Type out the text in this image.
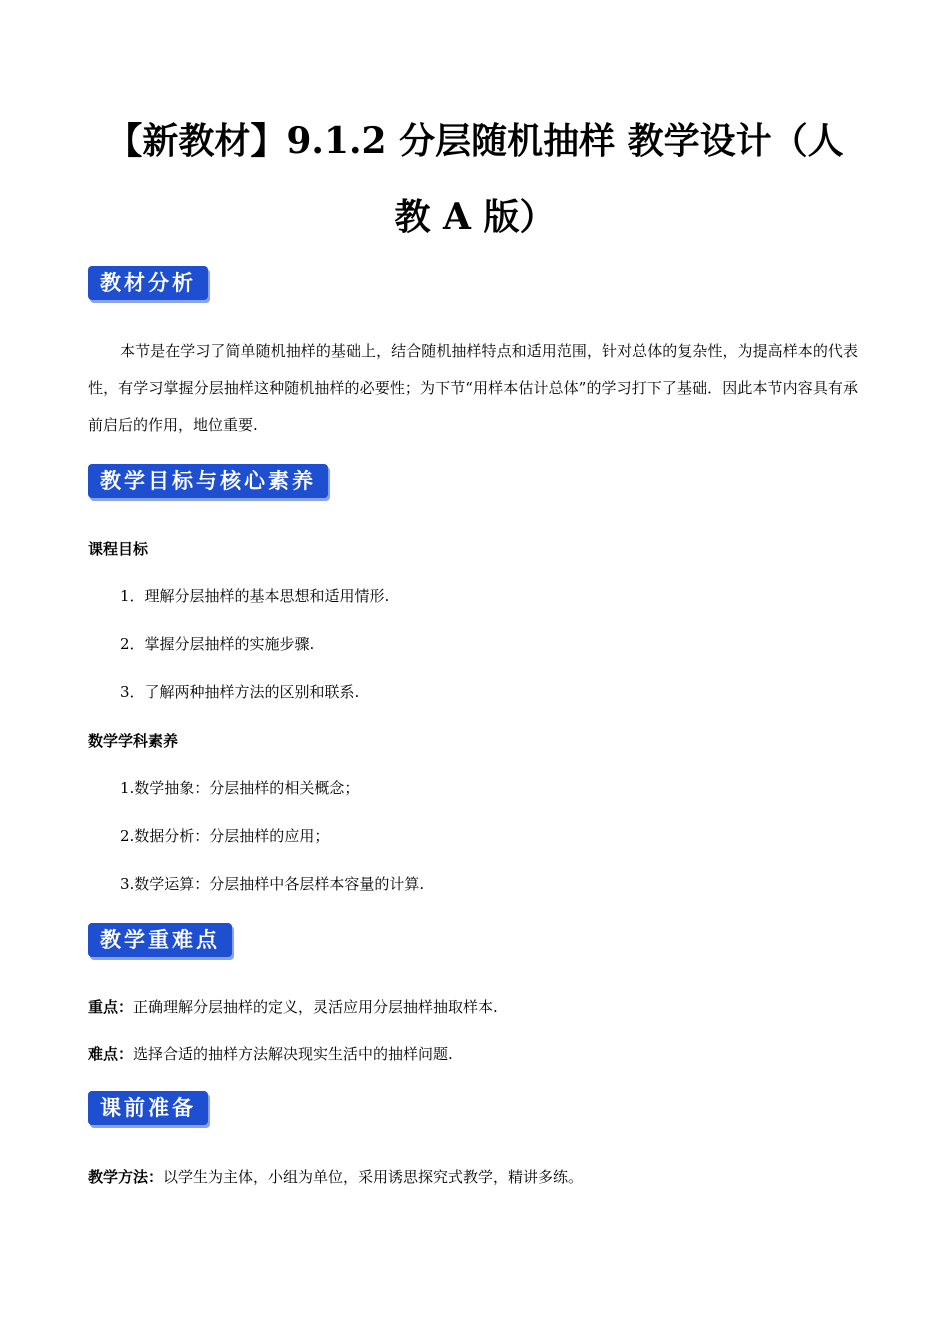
【新教材】9.1.2 分层随机抽样 教学设计（人
教 A 版）
教材分析
本节是在学习了简单随机抽样的基础上，结合随机抽样特点和适用范围，针对总体的复杂性，为提高样本的代表性，有学习掌握分层抽样这种随机抽样的必要性；为下节“用样本估计总体”的学习打下了基础．因此本节内容具有承前启后的作用，地位重要.
教学目标与核心素养
课程目标
1．理解分层抽样的基本思想和适用情形.
2．掌握分层抽样的实施步骤.
3．了解两种抽样方法的区别和联系.
数学学科素养
1.数学抽象：分层抽样的相关概念；
2.数据分析：分层抽样的应用；
3.数学运算：分层抽样中各层样本容量的计算.
教学重难点
重点：正确理解分层抽样的定义，灵活应用分层抽样抽取样本.
难点：选择合适的抽样方法解决现实生活中的抽样问题.
课前准备
教学方法：以学生为主体，小组为单位，采用诱思探究式教学，精讲多练。
